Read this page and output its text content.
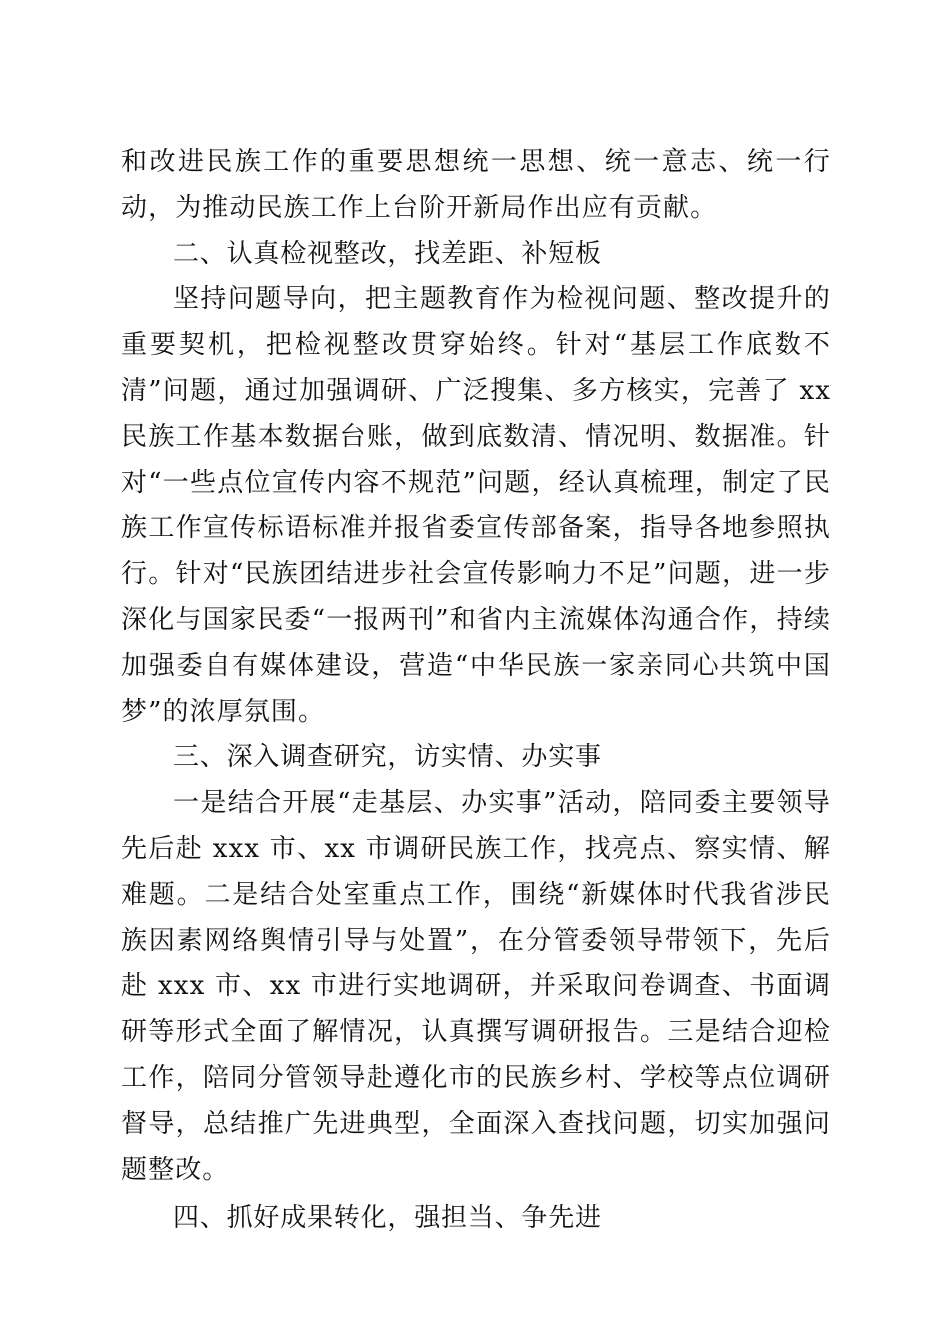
和改进民族工作的重要思想统一思想、统一意志、统一行动，为推动民族工作上台阶开新局作出应有贡献。

二、认真检视整改，找差距、补短板

坚持问题导向，把主题教育作为检视问题、整改提升的重要契机，把检视整改贯穿始终。针对“基层工作底数不清”问题，通过加强调研、广泛搜集、多方核实，完善了 xx 民族工作基本数据台账，做到底数清、情况明、数据准。针对“一些点位宣传内容不规范”问题，经认真梳理，制定了民族工作宣传标语标准并报省委宣传部备案，指导各地参照执行。针对“民族团结进步社会宣传影响力不足”问题，进一步深化与国家民委“一报两刊”和省内主流媒体沟通合作，持续加强委自有媒体建设，营造“中华民族一家亲同心共筑中国梦”的浓厚氛围。

三、深入调查研究，访实情、办实事

一是结合开展“走基层、办实事”活动，陪同委主要领导先后赴 xxx 市、xx 市调研民族工作，找亮点、察实情、解难题。二是结合处室重点工作，围绕“新媒体时代我省涉民族因素网络舆情引导与处置”，在分管委领导带领下，先后赴 xxx 市、xx 市进行实地调研，并采取问卷调查、书面调研等形式全面了解情况，认真撰写调研报告。三是结合迎检工作，陪同分管领导赴遵化市的民族乡村、学校等点位调研督导，总结推广先进典型，全面深入查找问题，切实加强问题整改。

四、抓好成果转化，强担当、争先进
